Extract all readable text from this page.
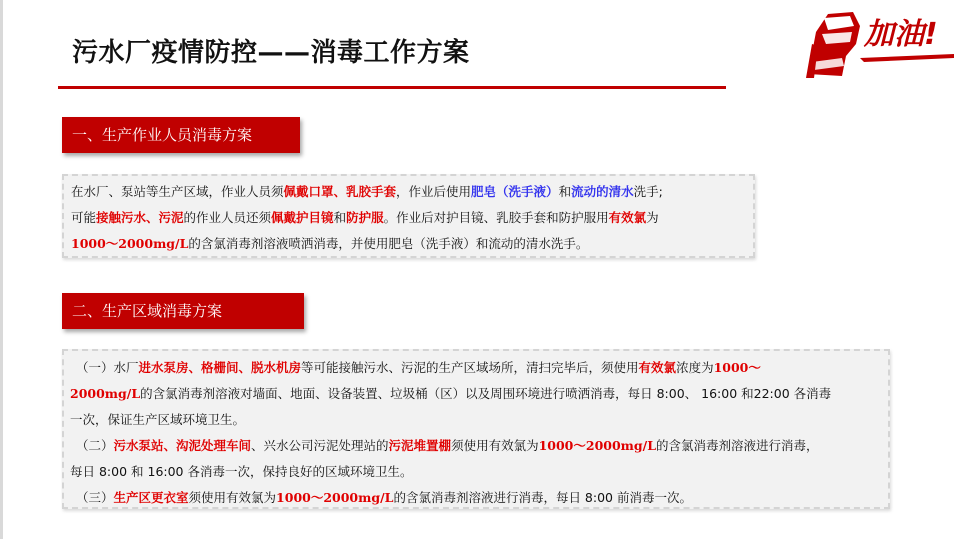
污水厂疫情防控——消毒工作方案
加油!
一、生产作业人员消毒方案
在水厂、泵站等生产区域，作业人员须佩戴口罩、乳胶手套，作业后使用肥皂（洗手液）和流动的清水洗手;
可能接触污水、污泥的作业人员还须佩戴护目镜和防护服。作业后对护目镜、乳胶手套和防护服用有效氯为
1000～2000mg/L的含氯消毒剂溶液喷洒消毒，并使用肥皂（洗手液）和流动的清水洗手。
二、生产区域消毒方案
（一）水厂进水泵房、格栅间、脱水机房等可能接触污水、污泥的生产区域场所，清扫完毕后，须使用有效氯浓度为1000～
2000mg/L的含氯消毒剂溶液对墙面、地面、设备装置、垃圾桶（区）以及周围环境进行喷洒消毒，每日 8:00、 16:00 和22:00 各消毒
一次，保证生产区域环境卫生。
（二）污水泵站、沟泥处理车间、兴水公司污泥处理站的污泥堆置棚须使用有效氯为1000～2000mg/L的含氯消毒剂溶液进行消毒，
每日 8:00 和 16:00 各消毒一次，保持良好的区域环境卫生。
（三）生产区更衣室须使用有效氯为1000～2000mg/L的含氯消毒剂溶液进行消毒，每日 8:00 前消毒一次。
